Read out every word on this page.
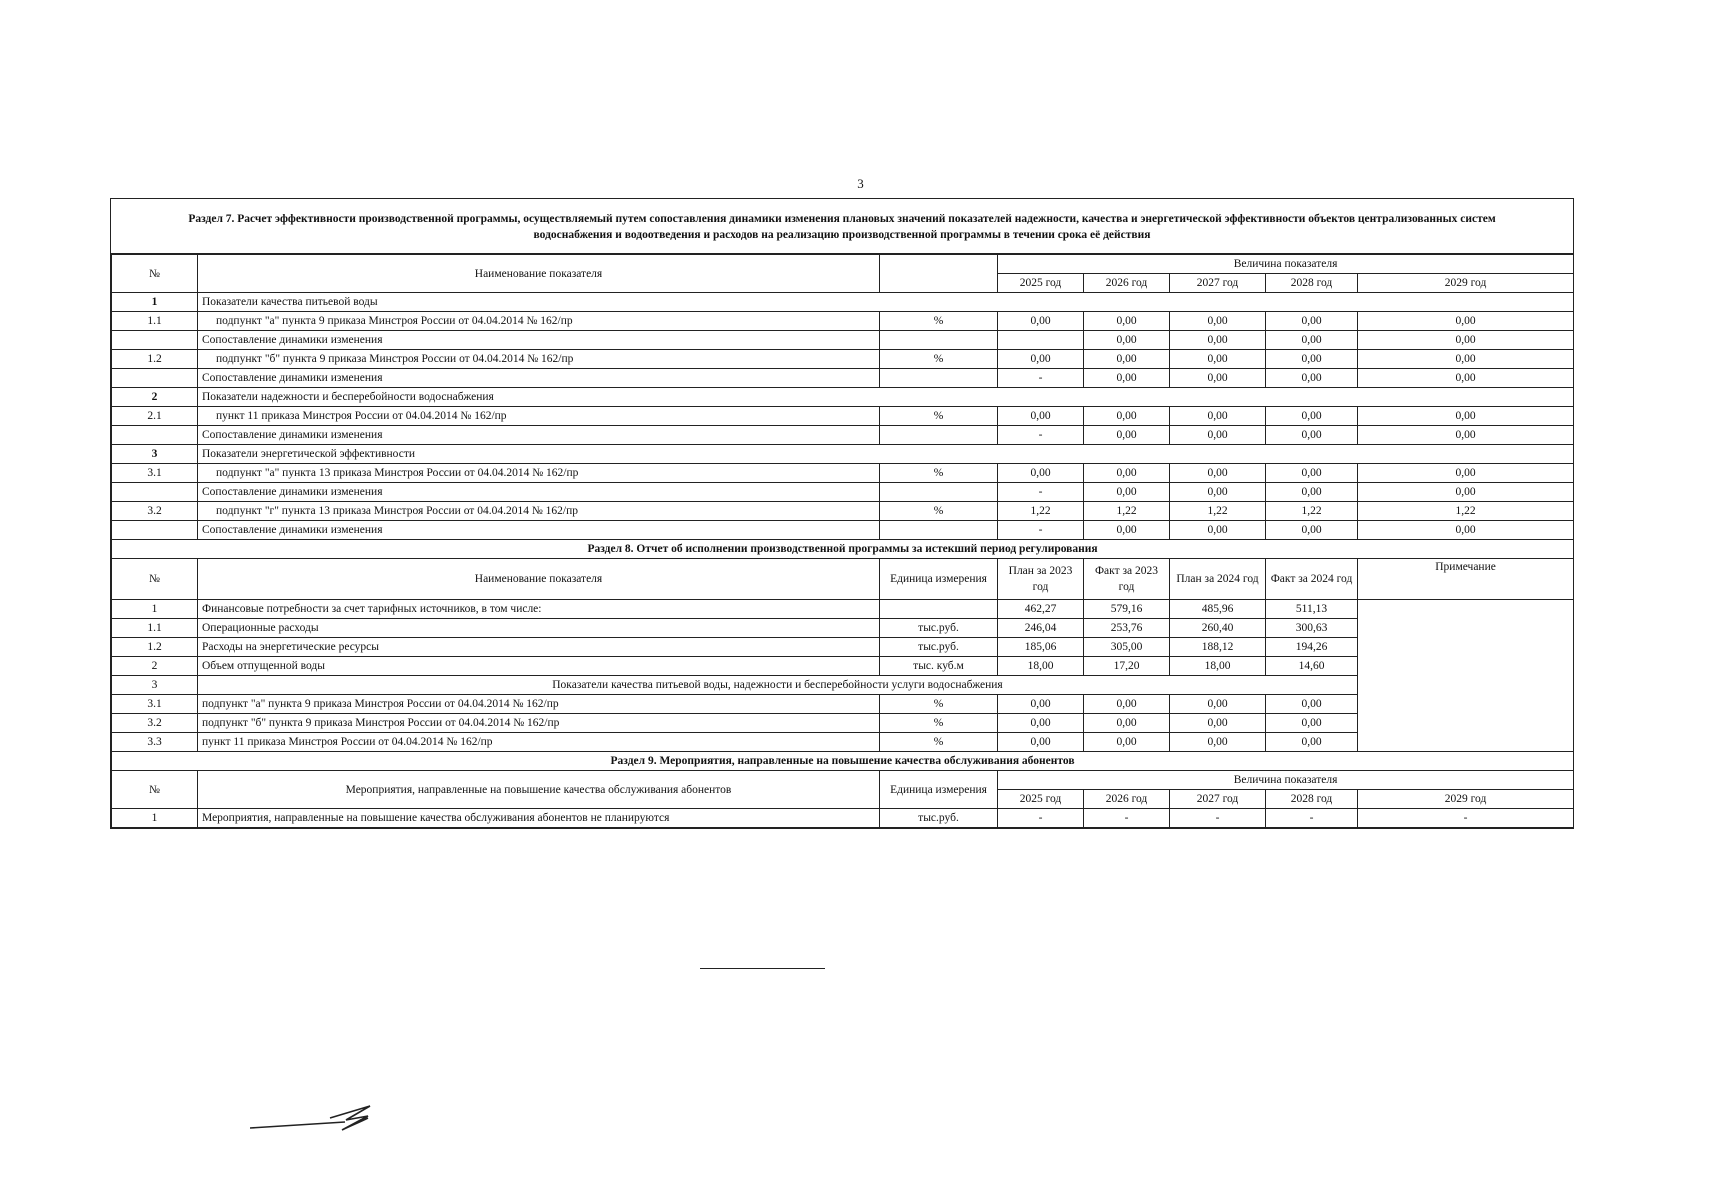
3
Раздел 7. Расчет эффективности производственной программы, осуществляемый путем сопоставления динамики изменения плановых значений показателей надежности, качества и энергетической эффективности объектов централизованных систем водоснабжения и водоотведения и расходов на реализацию производственной программы в течении срока её действия
№	Наименование показателя		Величина показателя				
			2025 год	2026 год	2027 год	2028 год	2029 год
1	Показатели качества питьевой воды						
1.1	подпункт "а" пункта 9 приказа Минстроя России от 04.04.2014 № 162/пр	%	0,00	0,00	0,00	0,00	0,00
	Сопоставление динамики изменения			0,00	0,00	0,00	0,00
1.2	подпункт "б" пункта 9 приказа Минстроя России от 04.04.2014 № 162/пр	%	0,00	0,00	0,00	0,00	0,00
	Сопоставление динамики изменения		-	0,00	0,00	0,00	0,00
2	Показатели надежности и бесперебойности водоснабжения						
2.1	пункт 11 приказа Минстроя России от 04.04.2014 № 162/пр	%	0,00	0,00	0,00	0,00	0,00
	Сопоставление динамики изменения		-	0,00	0,00	0,00	0,00
3	Показатели энергетической эффективности						
3.1	подпункт "а" пункта 13 приказа Минстроя России от 04.04.2014 № 162/пр	%	0,00	0,00	0,00	0,00	0,00
	Сопоставление динамики изменения		-	0,00	0,00	0,00	0,00
3.2	подпункт "г" пункта 13 приказа Минстроя России от 04.04.2014 № 162/пр	%	1,22	1,22	1,22	1,22	1,22
	Сопоставление динамики изменения		-	0,00	0,00	0,00	0,00
Раздел 8. Отчет об исполнении производственной программы за истекший период регулирования							
№	Наименование показателя	Единица измерения	План за 2023 год	Факт за 2023 год	План за 2024 год	Факт за 2024 год	Примечание
1	Финансовые потребности за счет тарифных источников, в том числе:		462,27	579,16	485,96	511,13	
1.1	Операционные расходы	тыс.руб.	246,04	253,76	260,40	300,63	
1.2	Расходы на энергетические ресурсы	тыс.руб.	185,06	305,00	188,12	194,26	
2	Объем отпущенной воды	тыс. куб.м	18,00	17,20	18,00	14,60	
3	Показатели качества питьевой воды, надежности и бесперебойности услуги водоснабжения						
3.1	подпункт "а" пункта 9 приказа Минстроя России от 04.04.2014 № 162/пр	%	0,00	0,00	0,00	0,00	
3.2	подпункт "б" пункта 9 приказа Минстроя России от 04.04.2014 № 162/пр	%	0,00	0,00	0,00	0,00	
3.3	пункт 11 приказа Минстроя России от 04.04.2014 № 162/пр	%	0,00	0,00	0,00	0,00	
Раздел 9. Мероприятия, направленные на повышение качества обслуживания абонентов							
№	Мероприятия, направленные на повышение качества обслуживания абонентов	Единица измерения	Величина показателя				
			2025 год	2026 год	2027 год	2028 год	2029 год
1	Мероприятия, направленные на повышение качества обслуживания абонентов не планируются	тыс.руб.	-	-	-	-	-
